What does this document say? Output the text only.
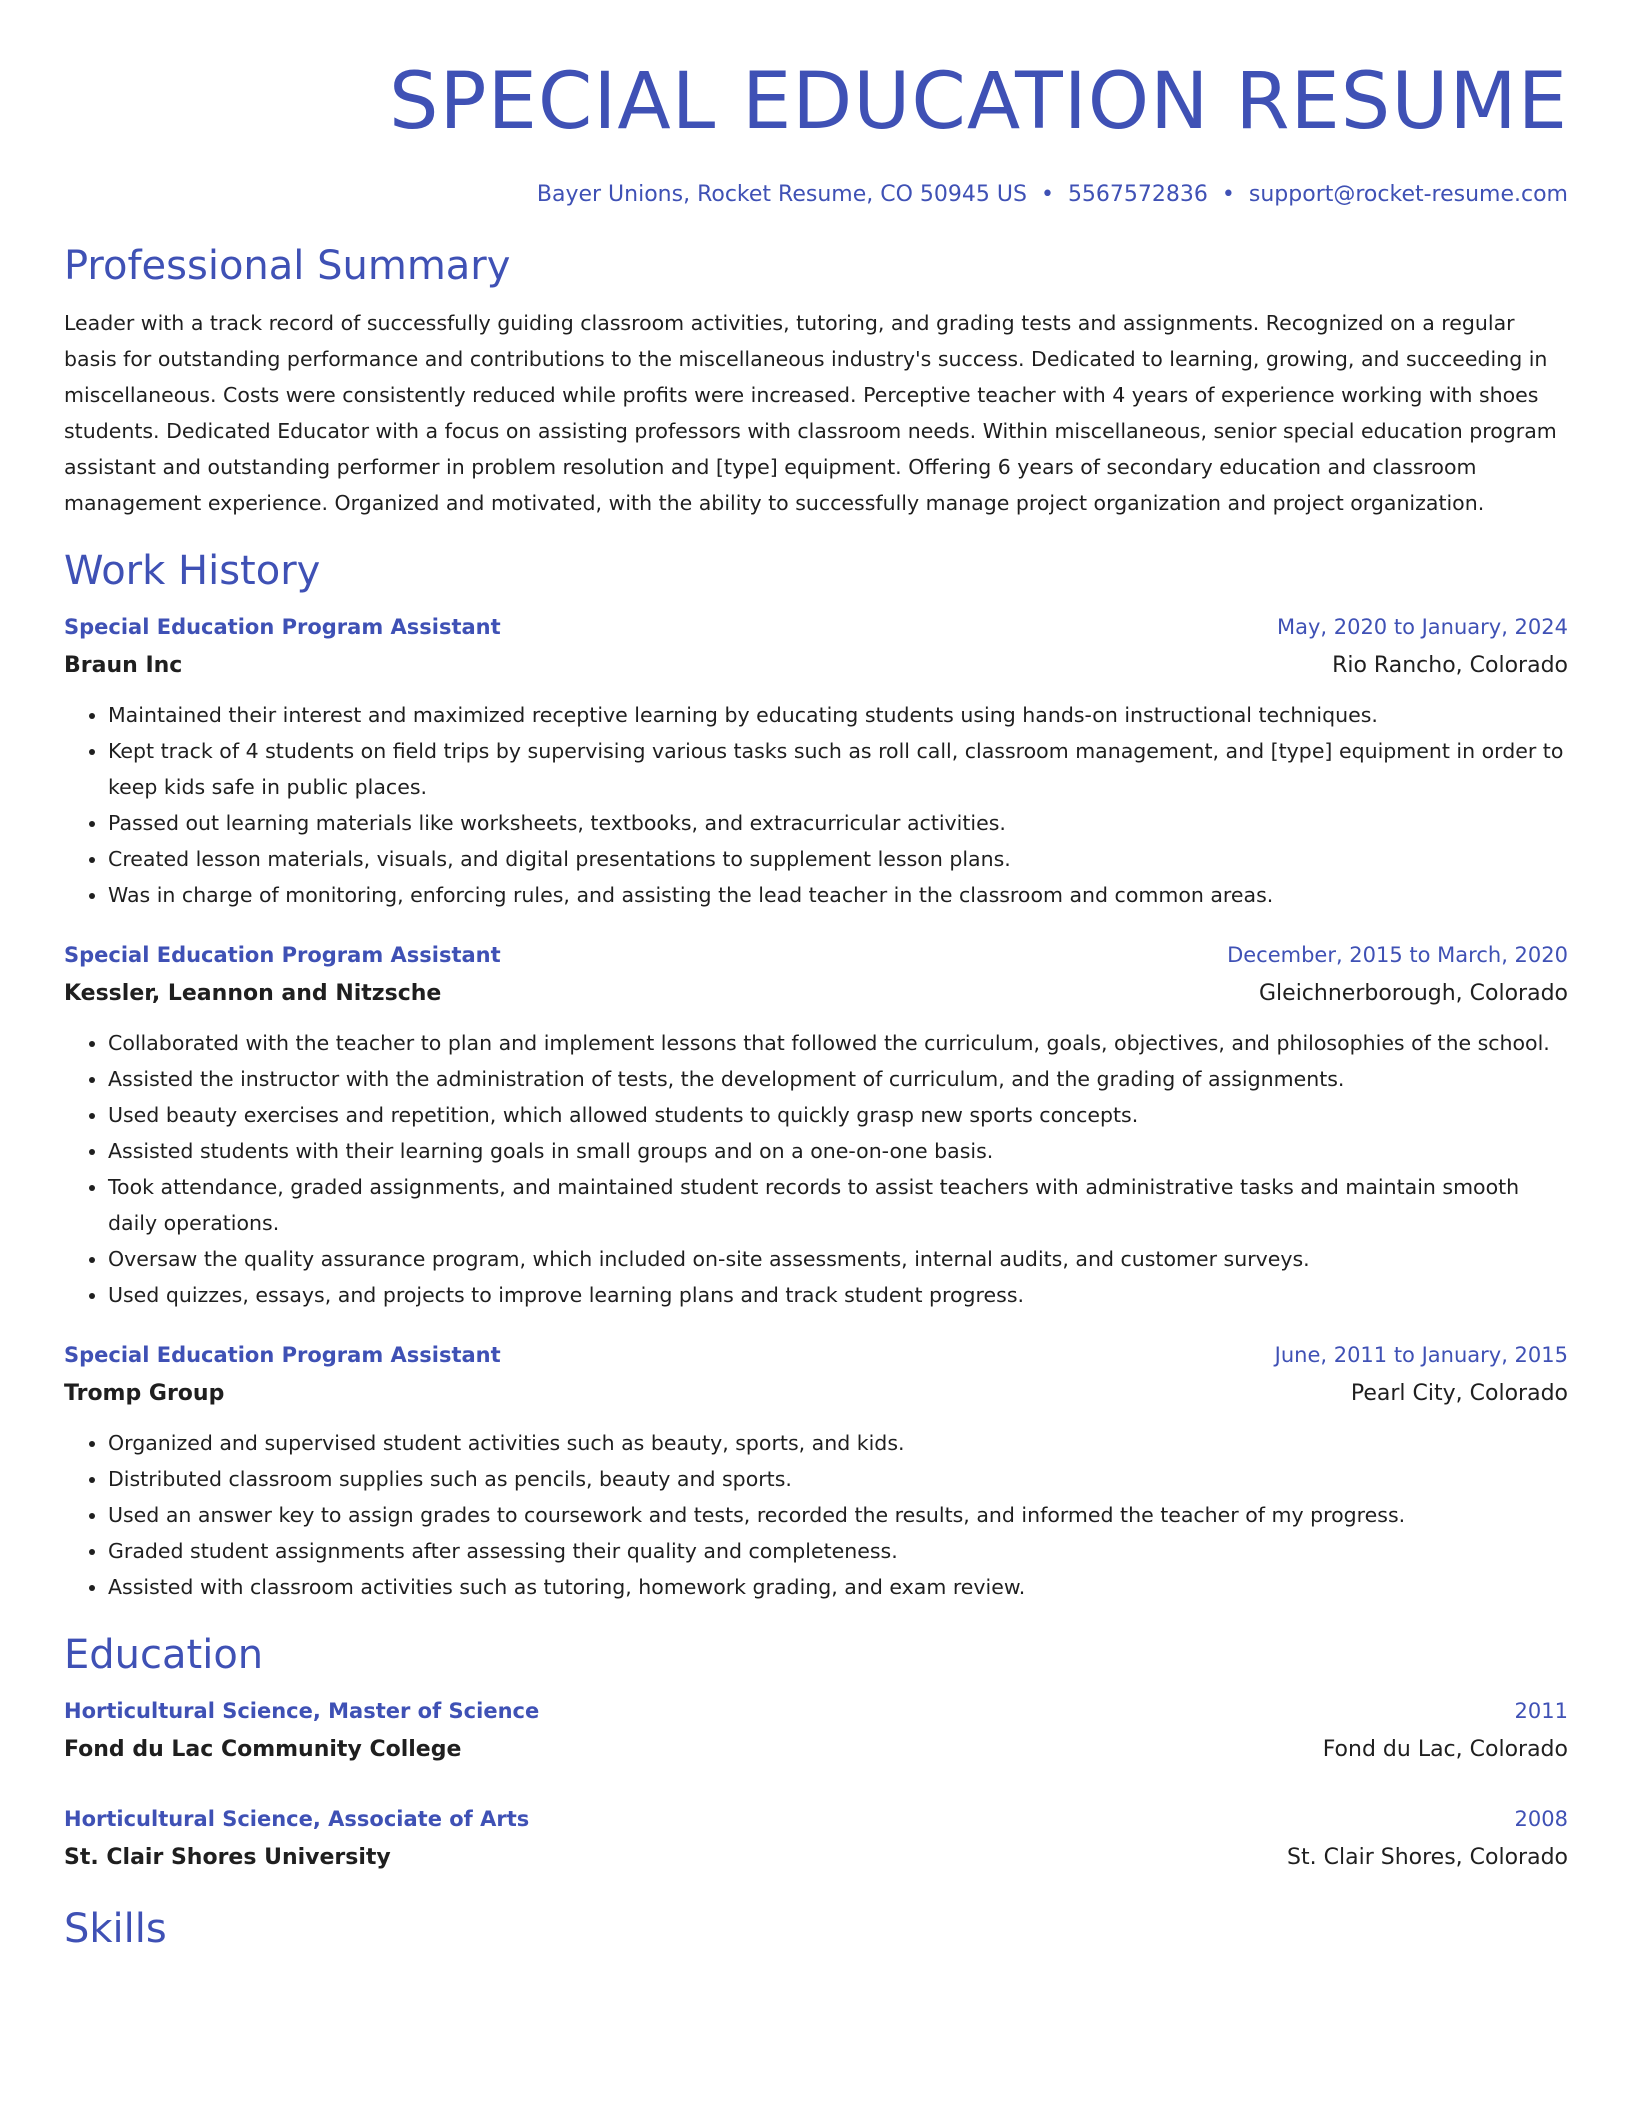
SPECIAL EDUCATION RESUME
Bayer Unions, Rocket Resume, CO 50945 US • 5567572836 • support@rocket-resume.com
Professional Summary

Leader with a track record of successfully guiding classroom activities, tutoring, and grading tests and assignments. Recognized on a regular basis for outstanding performance and contributions to the miscellaneous industry's success. Dedicated to learning, growing, and succeeding in miscellaneous. Costs were consistently reduced while profits were increased. Perceptive teacher with 4 years of experience working with shoes students. Dedicated Educator with a focus on assisting professors with classroom needs. Within miscellaneous, senior special education program assistant and outstanding performer in problem resolution and [type] equipment. Offering 6 years of secondary education and classroom management experience. Organized and motivated, with the ability to successfully manage project organization and project organization.

Work History
Special Education Program Assistant	May, 2020 to January, 2024
Braun Inc	Rio Rancho, Colorado
• Maintained their interest and maximized receptive learning by educating students using hands-on instructional techniques.
• Kept track of 4 students on field trips by supervising various tasks such as roll call, classroom management, and [type] equipment in order to keep kids safe in public places.
• Passed out learning materials like worksheets, textbooks, and extracurricular activities.
• Created lesson materials, visuals, and digital presentations to supplement lesson plans.
• Was in charge of monitoring, enforcing rules, and assisting the lead teacher in the classroom and common areas.
Special Education Program Assistant	December, 2015 to March, 2020
Kessler, Leannon and Nitzsche	Gleichnerborough, Colorado
• Collaborated with the teacher to plan and implement lessons that followed the curriculum, goals, objectives, and philosophies of the school.
• Assisted the instructor with the administration of tests, the development of curriculum, and the grading of assignments.
• Used beauty exercises and repetition, which allowed students to quickly grasp new sports concepts.
• Assisted students with their learning goals in small groups and on a one-on-one basis.
• Took attendance, graded assignments, and maintained student records to assist teachers with administrative tasks and maintain smooth daily operations.
• Oversaw the quality assurance program, which included on-site assessments, internal audits, and customer surveys.
• Used quizzes, essays, and projects to improve learning plans and track student progress.
Special Education Program Assistant	June, 2011 to January, 2015
Tromp Group	Pearl City, Colorado
• Organized and supervised student activities such as beauty, sports, and kids.
• Distributed classroom supplies such as pencils, beauty and sports.
• Used an answer key to assign grades to coursework and tests, recorded the results, and informed the teacher of my progress.
• Graded student assignments after assessing their quality and completeness.
• Assisted with classroom activities such as tutoring, homework grading, and exam review.
Education
Horticultural Science, Master of Science	2011
Fond du Lac Community College	Fond du Lac, Colorado
Horticultural Science, Associate of Arts	2008
St. Clair Shores University	St. Clair Shores, Colorado
Skills
